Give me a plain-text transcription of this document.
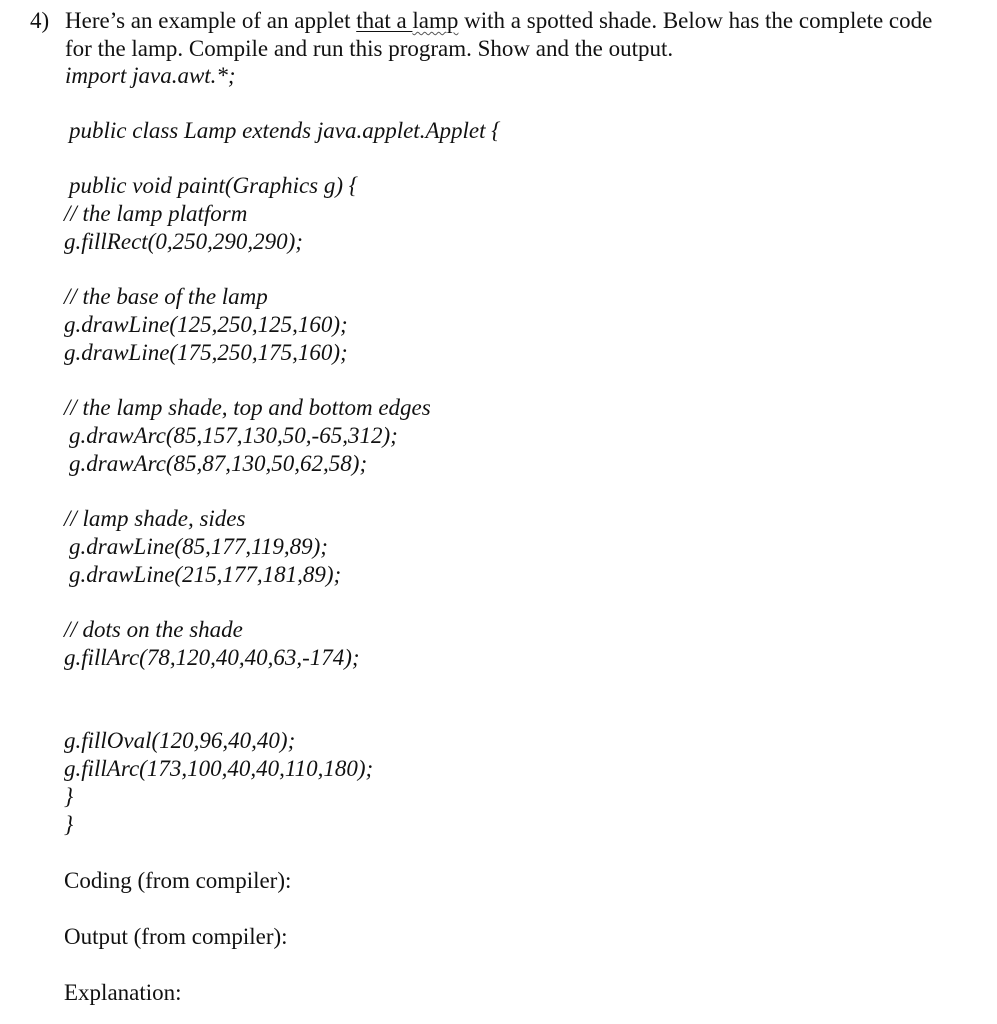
4) Here’s an example of an applet that a lamp with a spotted shade. Below has the complete code
for the lamp. Compile and run this program. Show and the output.
import java.awt.*;
public class Lamp extends java.applet.Applet {
public void paint(Graphics g) {
// the lamp platform
g.fillRect(0,250,290,290);
// the base of the lamp
g.drawLine(125,250,125,160);
g.drawLine(175,250,175,160);
// the lamp shade, top and bottom edges
g.drawArc(85,157,130,50,-65,312);
g.drawArc(85,87,130,50,62,58);
// lamp shade, sides
g.drawLine(85,177,119,89);
g.drawLine(215,177,181,89);
// dots on the shade
g.fillArc(78,120,40,40,63,-174);
g.fillOval(120,96,40,40);
g.fillArc(173,100,40,40,110,180);
}
}
Coding (from compiler):
Output (from compiler):
Explanation:
